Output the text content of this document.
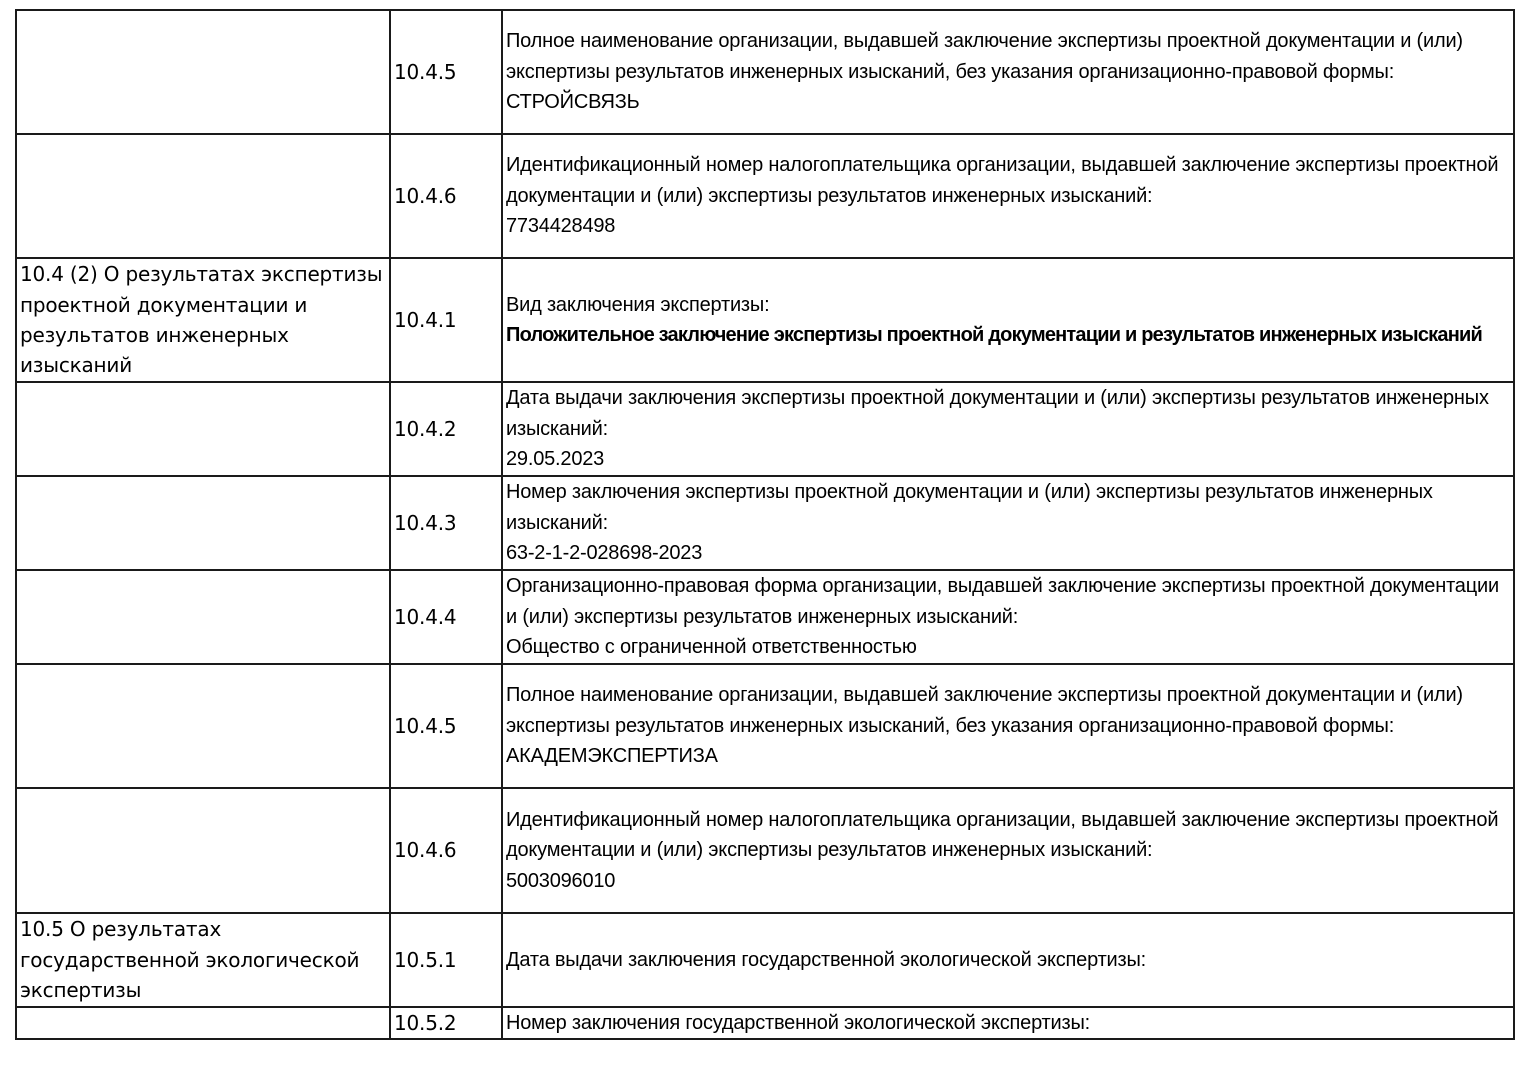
	10.4.5	Полное наименование организации, выдавшей заключение экспертизы проектной документации и (или) экспертизы результатов инженерных изысканий, без указания организационно-правовой формы:
СТРОЙСВЯЗЬ

	10.4.6	Идентификационный номер налогоплательщика организации, выдавшей заключение экспертизы проектной документации и (или) экспертизы результатов инженерных изысканий:
7734428498

10.4 (2) О результатах экспертизы проектной документации и результатов инженерных изысканий	10.4.1	Вид заключения экспертизы:
Положительное заключение экспертизы проектной документации и результатов инженерных изысканий

	10.4.2	Дата выдачи заключения экспертизы проектной документации и (или) экспертизы результатов инженерных изысканий:
29.05.2023

	10.4.3	Номер заключения экспертизы проектной документации и (или) экспертизы результатов инженерных изысканий:
63-2-1-2-028698-2023

	10.4.4	Организационно-правовая форма организации, выдавшей заключение экспертизы проектной документации и (или) экспертизы результатов инженерных изысканий:
Общество с ограниченной ответственностью

	10.4.5	Полное наименование организации, выдавшей заключение экспертизы проектной документации и (или) экспертизы результатов инженерных изысканий, без указания организационно-правовой формы:
АКАДЕМЭКСПЕРТИЗА

	10.4.6	Идентификационный номер налогоплательщика организации, выдавшей заключение экспертизы проектной документации и (или) экспертизы результатов инженерных изысканий:
5003096010

10.5 О результатах государственной экологической экспертизы	10.5.1	Дата выдачи заключения государственной экологической экспертизы:

	10.5.2	Номер заключения государственной экологической экспертизы:
